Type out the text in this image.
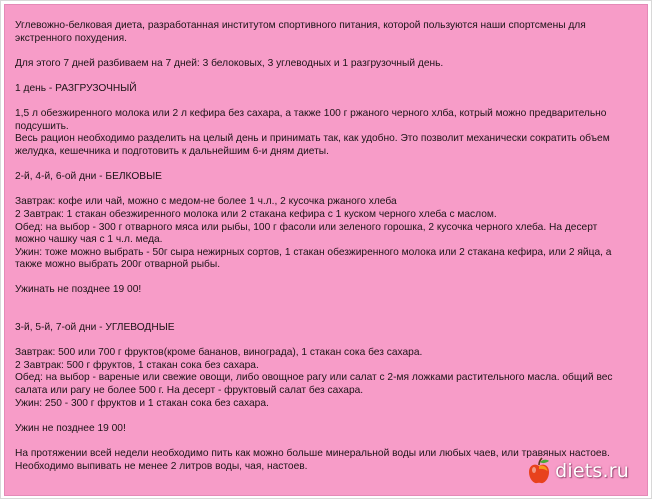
Углевожно-белковая диета, разработанная институтом спортивного питания, которой пользуются наши спортсмены для

экстренного похудения.

Для этого 7 дней разбиваем на 7 дней: 3 белоковых, 3 углеводных и 1 разгрузочный день.

1 день - РАЗГРУЗОЧНЫЙ

1,5 л обезжиренного молока или 2 л кефира без сахара, а также 100 г ржаного черного хлба, котрый можно предварительно

подсушить.

Весь рацион необходимо разделить на целый день и принимать так, как удобно. Это позволит механически сократить объем

желудка, кешечника и подготовить к дальнейшим 6-и дням диеты.

2-й, 4-й, 6-ой дни - БЕЛКОВЫЕ

Завтрак: кофе или чай, можно с медом-не более 1 ч.л., 2 кусочка ржаного хлеба

2 Завтрак: 1 стакан обезжиренного молока или 2 стакана кефира с 1 куском черного хлеба с маслом.

Обед: на выбор - 300 г отварного мяса или рыбы, 100 г фасоли или зеленого горошка, 2 кусочка черного хлеба. На десерт

можно чашку чая с 1 ч.л. меда.

Ужин: тоже можно выбрать - 50г сыра нежирных сортов, 1 стакан обезжиренного молока или 2 стакана кефира, или 2 яйца, а

также можно выбрать 200г отварной рыбы.

Ужинать не позднее 19 00!

3-й, 5-й, 7-ой дни - УГЛЕВОДНЫЕ

Завтрак: 500 или 700 г фруктов(кроме бананов, винограда), 1 стакан сока без сахара.

2 Завтрак: 500 г фруктов, 1 стакан сока без сахара.

Обед: на выбор - вареные или свежие овощи, либо овощное рагу или салат с 2-мя ложками растительного масла. общий вес

салата или рагу не более 500 г. На десерт - фруктовый салат без сахара.

Ужин: 250 - 300 г фруктов и 1 стакан сока без сахара.

Ужин не позднее 19 00!

На протяжении всей недели необходимо пить как можно больше минеральной воды или любых чаев, или травяных настоев.

Необходимо выпивать не менее 2 литров воды, чая, настоев.	diets.ru
